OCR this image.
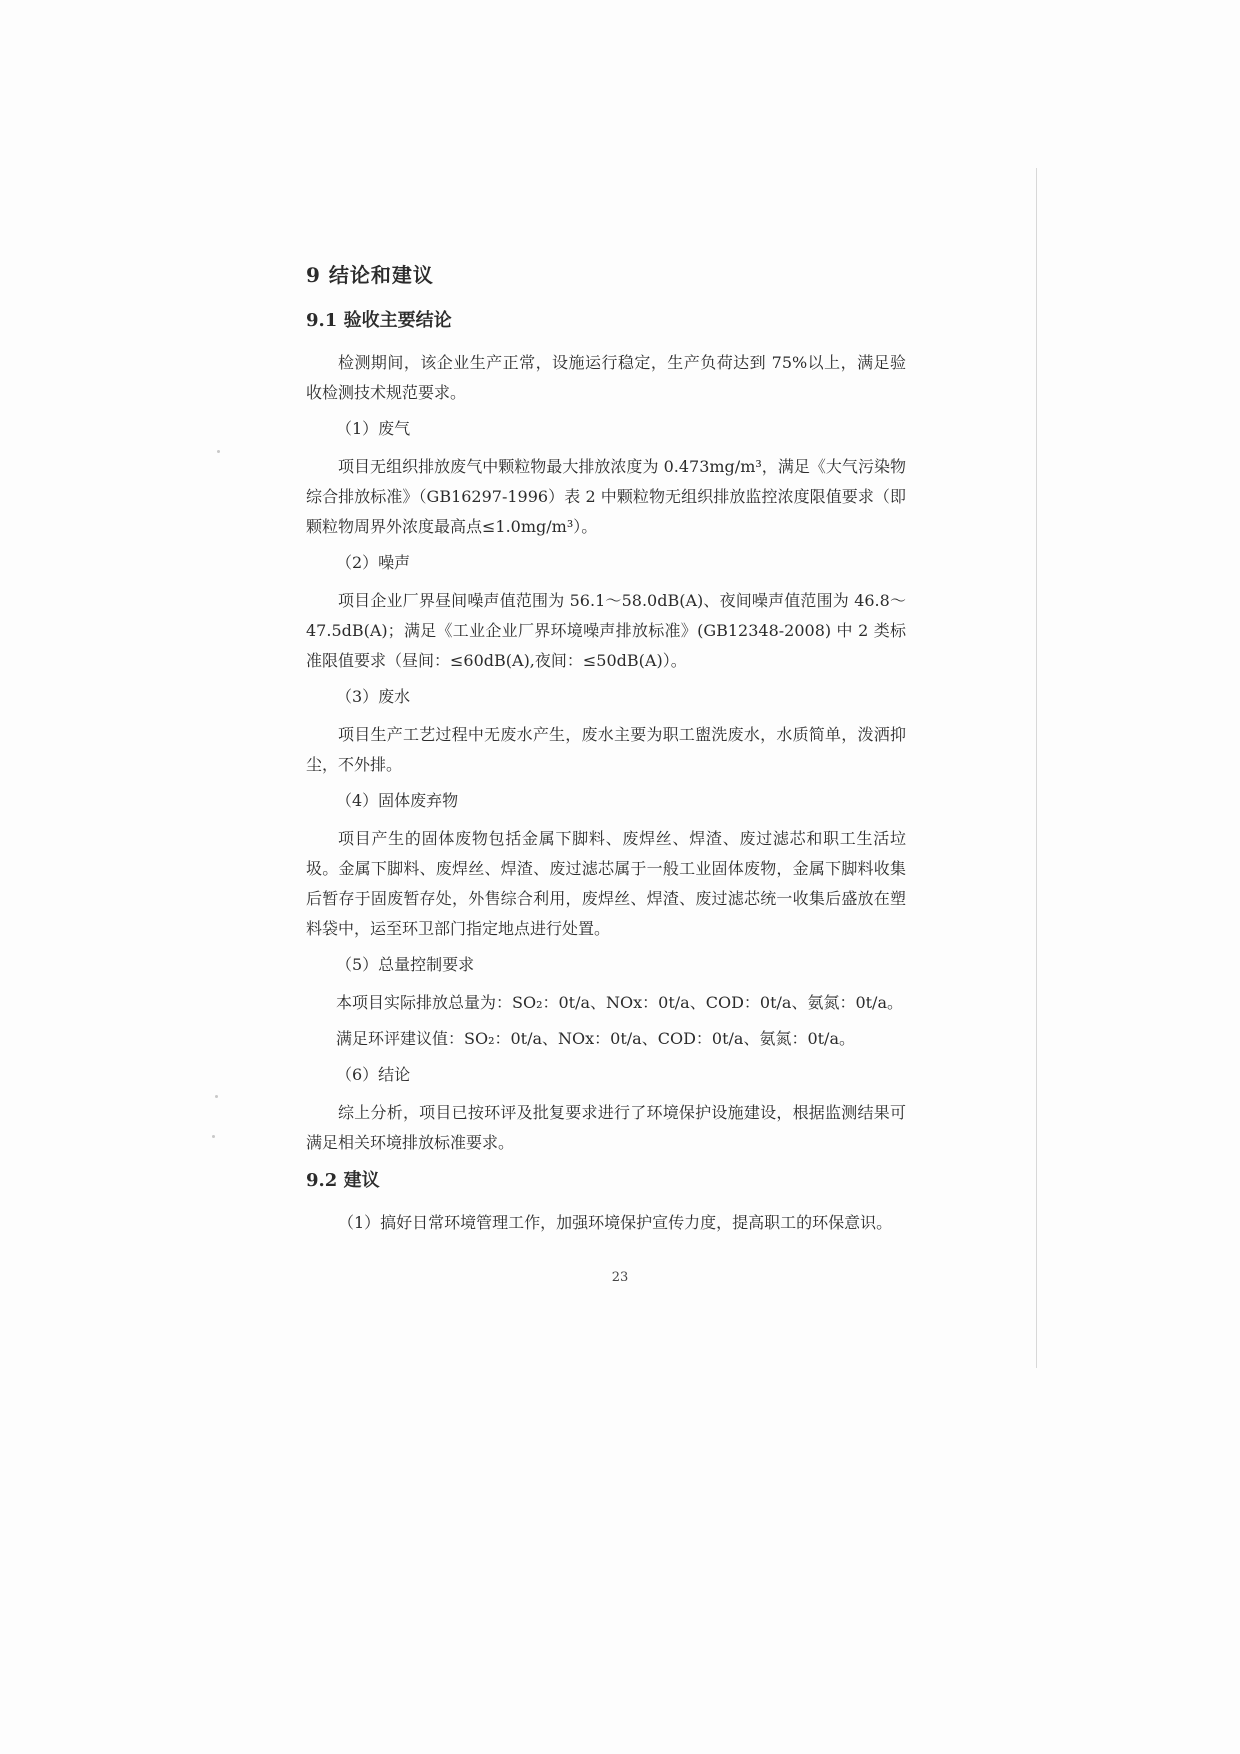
9 结论和建议
9.1 验收主要结论
检测期间，该企业生产正常，设施运行稳定，生产负荷达到 75%以上，满足验收检测技术规范要求。
（1）废气
项目无组织排放废气中颗粒物最大排放浓度为 0.473mg/m³，满足《大气污染物综合排放标准》（GB16297-1996）表 2 中颗粒物无组织排放监控浓度限值要求（即颗粒物周界外浓度最高点≤1.0mg/m³）。
（2）噪声
项目企业厂界昼间噪声值范围为 56.1～58.0dB(A)、夜间噪声值范围为 46.8～47.5dB(A)；满足《工业企业厂界环境噪声排放标准》(GB12348-2008) 中 2 类标准限值要求（昼间：≤60dB(A),夜间：≤50dB(A)）。
（3）废水
项目生产工艺过程中无废水产生，废水主要为职工盥洗废水，水质简单，泼洒抑尘，不外排。
（4）固体废弃物
项目产生的固体废物包括金属下脚料、废焊丝、焊渣、废过滤芯和职工生活垃圾。金属下脚料、废焊丝、焊渣、废过滤芯属于一般工业固体废物，金属下脚料收集后暂存于固废暂存处，外售综合利用，废焊丝、焊渣、废过滤芯统一收集后盛放在塑料袋中，运至环卫部门指定地点进行处置。
（5）总量控制要求
本项目实际排放总量为：SO₂：0t/a、NOx：0t/a、COD：0t/a、氨氮：0t/a。
满足环评建议值：SO₂：0t/a、NOx：0t/a、COD：0t/a、氨氮：0t/a。
（6）结论
综上分析，项目已按环评及批复要求进行了环境保护设施建设，根据监测结果可满足相关环境排放标准要求。
9.2 建议
（1）搞好日常环境管理工作，加强环境保护宣传力度，提高职工的环保意识。
23
